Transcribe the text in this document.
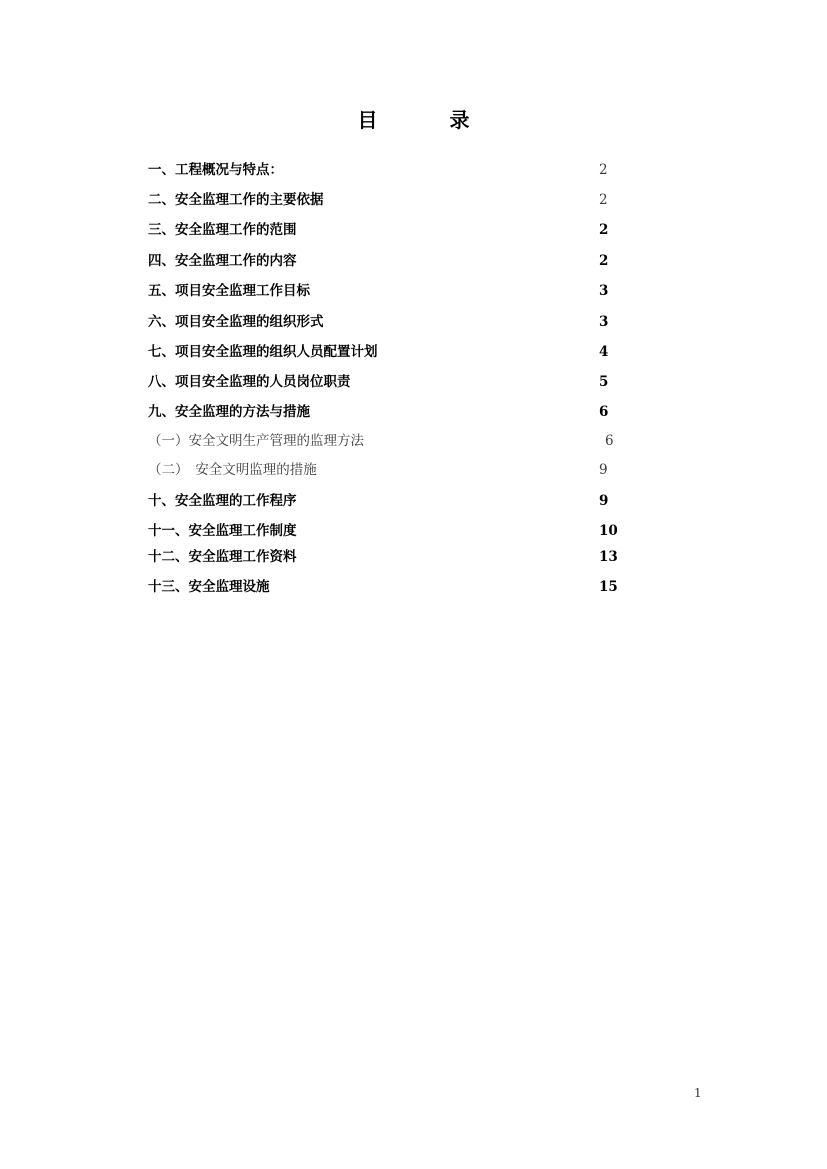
目　录
一、工程概况与特点：	2
二、安全监理工作的主要依据	2
三、安全监理工作的范围	2
四、安全监理工作的内容	2
五、项目安全监理工作目标	3
六、项目安全监理的组织形式	3
七、项目安全监理的组织人员配置计划	4
八、项目安全监理的人员岗位职责	5
九、安全监理的方法与措施	6
（一）安全文明生产管理的监理方法	6
（二）　安全文明监理的措施	9
十、安全监理的工作程序	9
十一、安全监理工作制度	10
十二、安全监理工作资料	13
十三、安全监理设施	15
1
